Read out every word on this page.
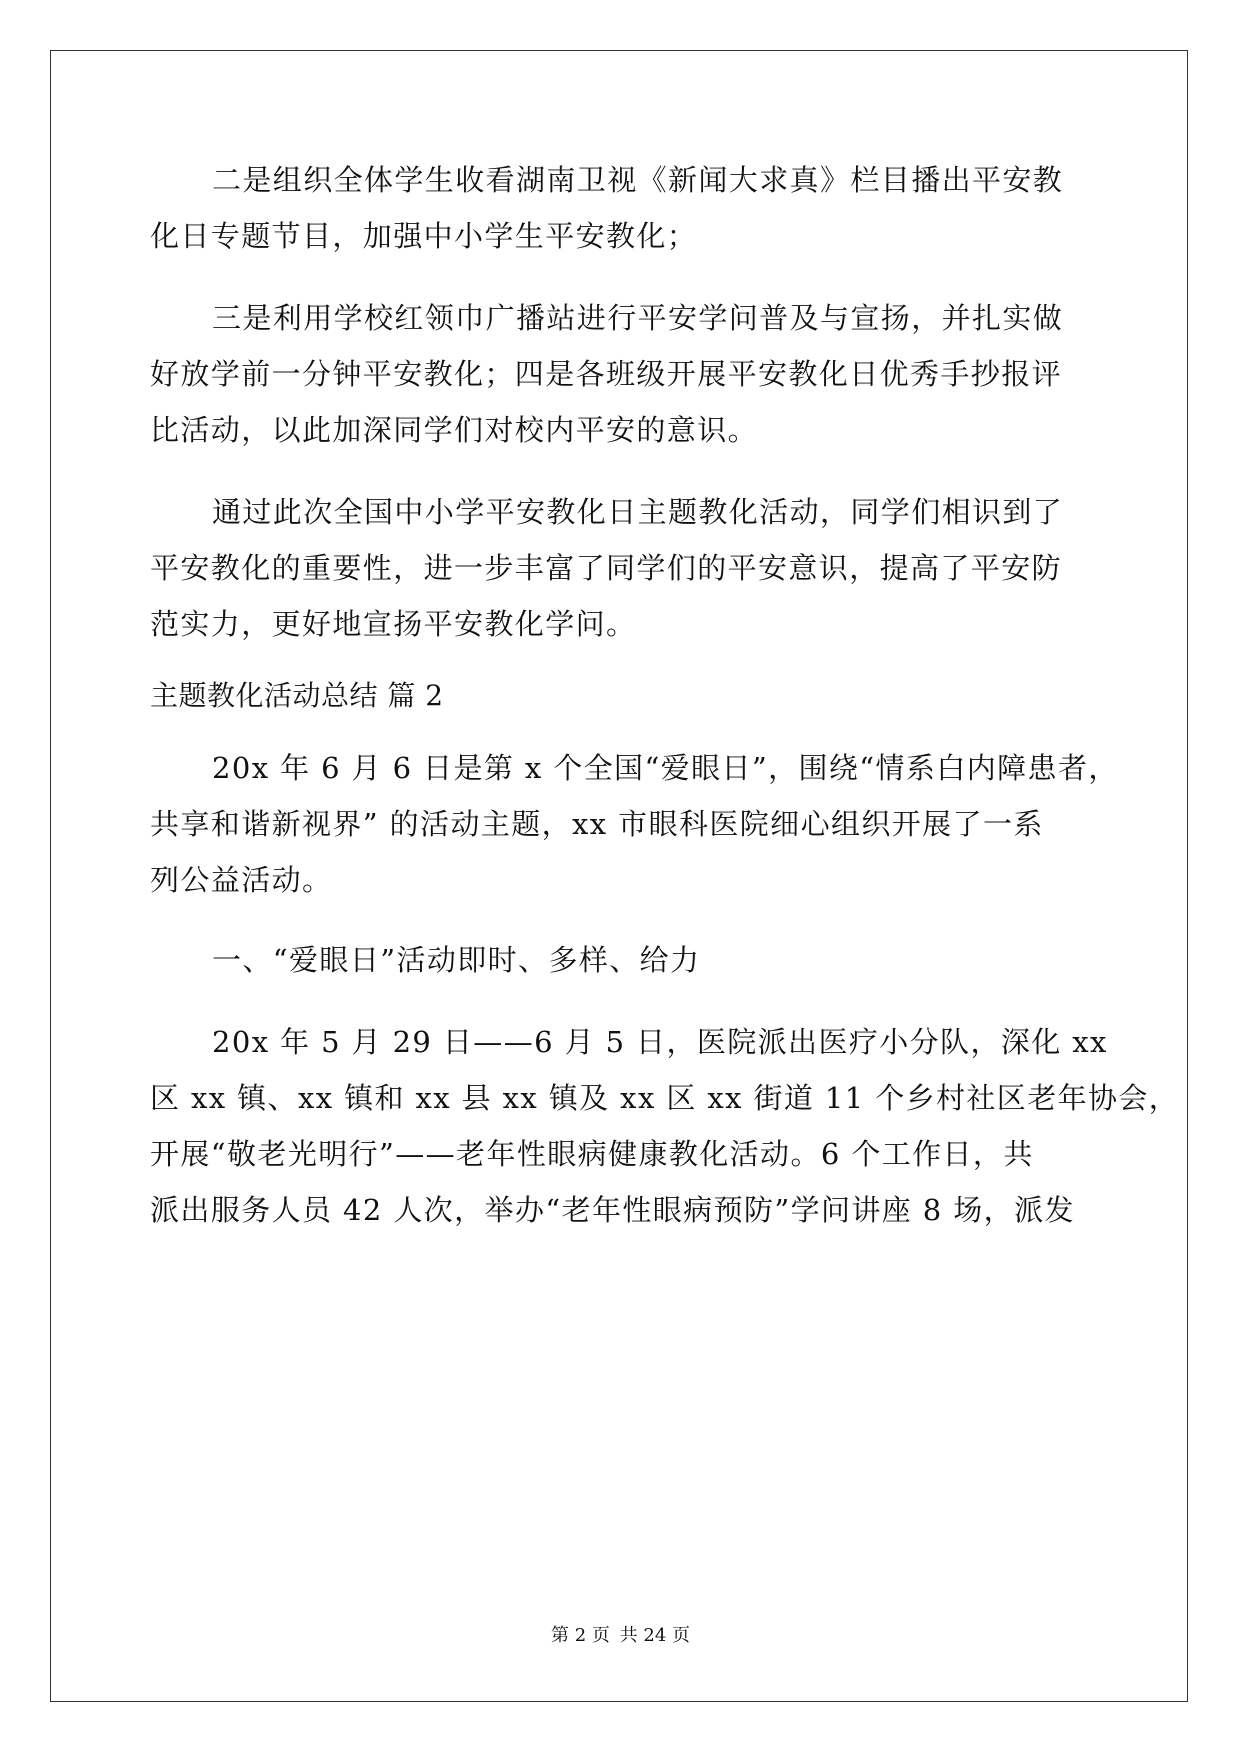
二是组织全体学生收看湖南卫视《新闻大求真》栏目播出平安教
化日专题节目，加强中小学生平安教化；
三是利用学校红领巾广播站进行平安学问普及与宣扬，并扎实做
好放学前一分钟平安教化；四是各班级开展平安教化日优秀手抄报评
比活动，以此加深同学们对校内平安的意识。
通过此次全国中小学平安教化日主题教化活动，同学们相识到了
平安教化的重要性，进一步丰富了同学们的平安意识，提高了平安防
范实力，更好地宣扬平安教化学问。
主题教化活动总结 篇 2
20x 年 6 月 6 日是第 x 个全国“爱眼日”，围绕“情系白内障患者，
共享和谐新视界” 的活动主题，xx 市眼科医院细心组织开展了一系
列公益活动。
一、“爱眼日”活动即时、多样、给力
20x 年 5 月 29 日——6 月 5 日，医院派出医疗小分队，深化 xx
区 xx 镇、xx 镇和 xx 县 xx 镇及 xx 区 xx 街道 11 个乡村社区老年协会，
开展“敬老光明行”——老年性眼病健康教化活动。6 个工作日，共
派出服务人员 42 人次，举办“老年性眼病预防”学问讲座 8 场，派发
第 2 页 共 24 页
